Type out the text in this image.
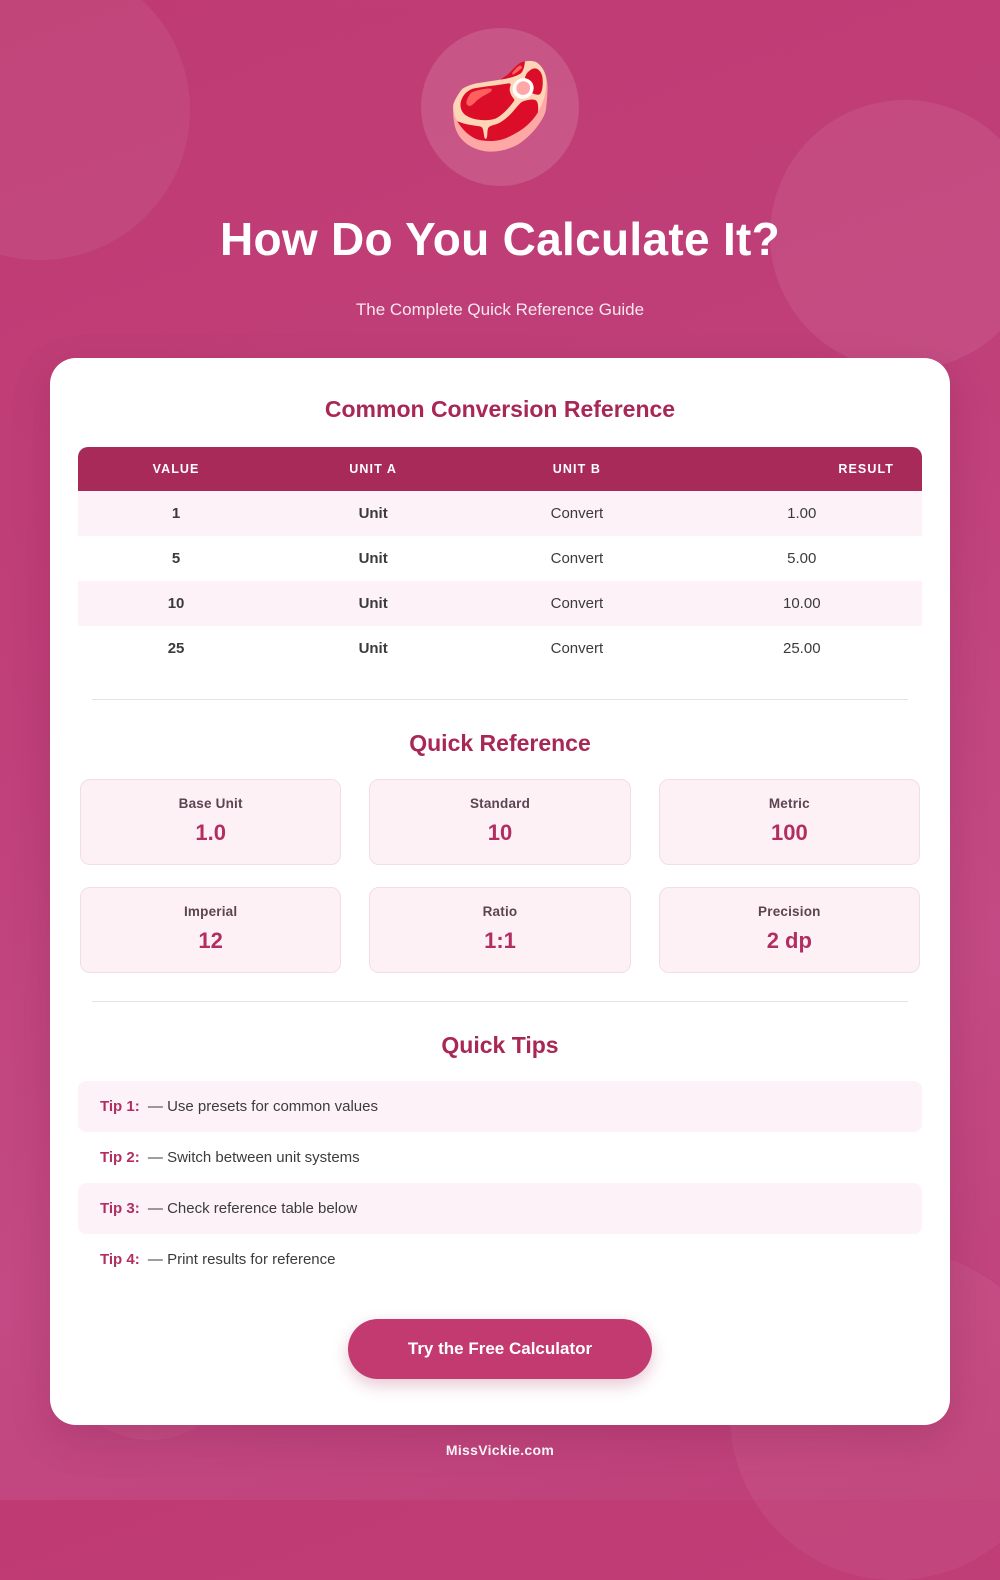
🥩
How Do You Calculate It?
The Complete Quick Reference Guide
Common Conversion Reference
VALUE	UNIT A	UNIT B	RESULT
1	Unit	Convert	1.00
5	Unit	Convert	5.00
10	Unit	Convert	10.00
25	Unit	Convert	25.00
Quick Reference
Base Unit
1.0
Standard
10
Metric
100
Imperial
12
Ratio
1:1
Precision
2 dp
Quick Tips
Tip 1: — Use presets for common values
Tip 2: — Switch between unit systems
Tip 3: — Check reference table below
Tip 4: — Print results for reference
Try the Free Calculator
MissVickie.com
